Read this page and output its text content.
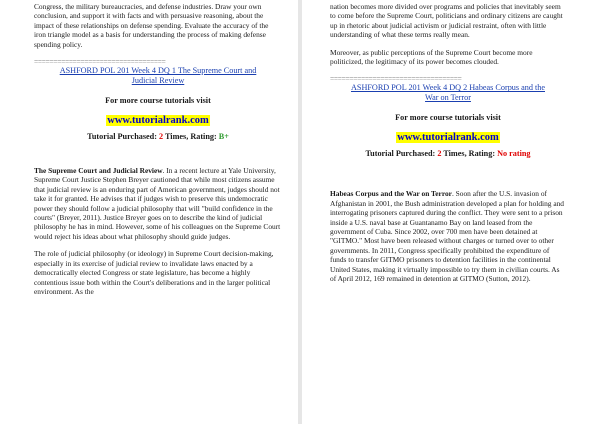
Congress, the military bureaucracies, and defense industries. Draw your own conclusion, and support it with facts and with persuasive reasoning, about the impact of these relationships on defense spending. Evaluate the accuracy of the iron triangle model as a basis for understanding the process of making defense spending policy.

==================================
ASHFORD POL 201 Week 4 DQ 1 The Supreme Court and
Judicial Review
For more course tutorials visit
www.tutorialrank.com
Tutorial Purchased: 2 Times, Rating: B+

The Supreme Court and Judicial Review. In a recent lecture at Yale University, Supreme Court Justice Stephen Breyer cautioned that while most citizens assume that judicial review is an enduring part of American government, judges should not take it for granted. He advises that if judges wish to preserve this undemocratic power they should follow a judicial philosophy that will "build confidence in the courts" (Breyer, 2011). Justice Breyer goes on to describe the kind of judicial philosophy he has in mind. However, some of his colleagues on the Supreme Court would reject his ideas about what philosophy should guide judges.

The role of judicial philosophy (or ideology) in Supreme Court decision-making, especially in its exercise of judicial review to invalidate laws enacted by a democratically elected Congress or state legislature, has become a highly contentious issue both within the Court's deliberations and in the larger political environment. As the

nation becomes more divided over programs and policies that inevitably seem to come before the Supreme Court, politicians and ordinary citizens are caught up in rhetoric about judicial activism or judicial restraint, often with little understanding of what these terms really mean.

Moreover, as public perceptions of the Supreme Court become more politicized, the legitimacy of its power becomes clouded.

==================================
ASHFORD POL 201 Week 4 DQ 2 Habeas Corpus and the
War on Terror
For more course tutorials visit
www.tutorialrank.com
Tutorial Purchased: 2 Times, Rating: No rating

Habeas Corpus and the War on Terror. Soon after the U.S. invasion of Afghanistan in 2001, the Bush administration developed a plan for holding and interrogating prisoners captured during the conflict. They were sent to a prison inside a U.S. naval base at Guantanamo Bay on land leased from the government of Cuba. Since 2002, over 700 men have been detained at "GITMO." Most have been released without charges or turned over to other governments. In 2011, Congress specifically prohibited the expenditure of funds to transfer GITMO prisoners to detention facilities in the continental United States, making it virtually impossible to try them in civilian courts. As of April 2012, 169 remained in detention at GITMO (Sutton, 2012).
